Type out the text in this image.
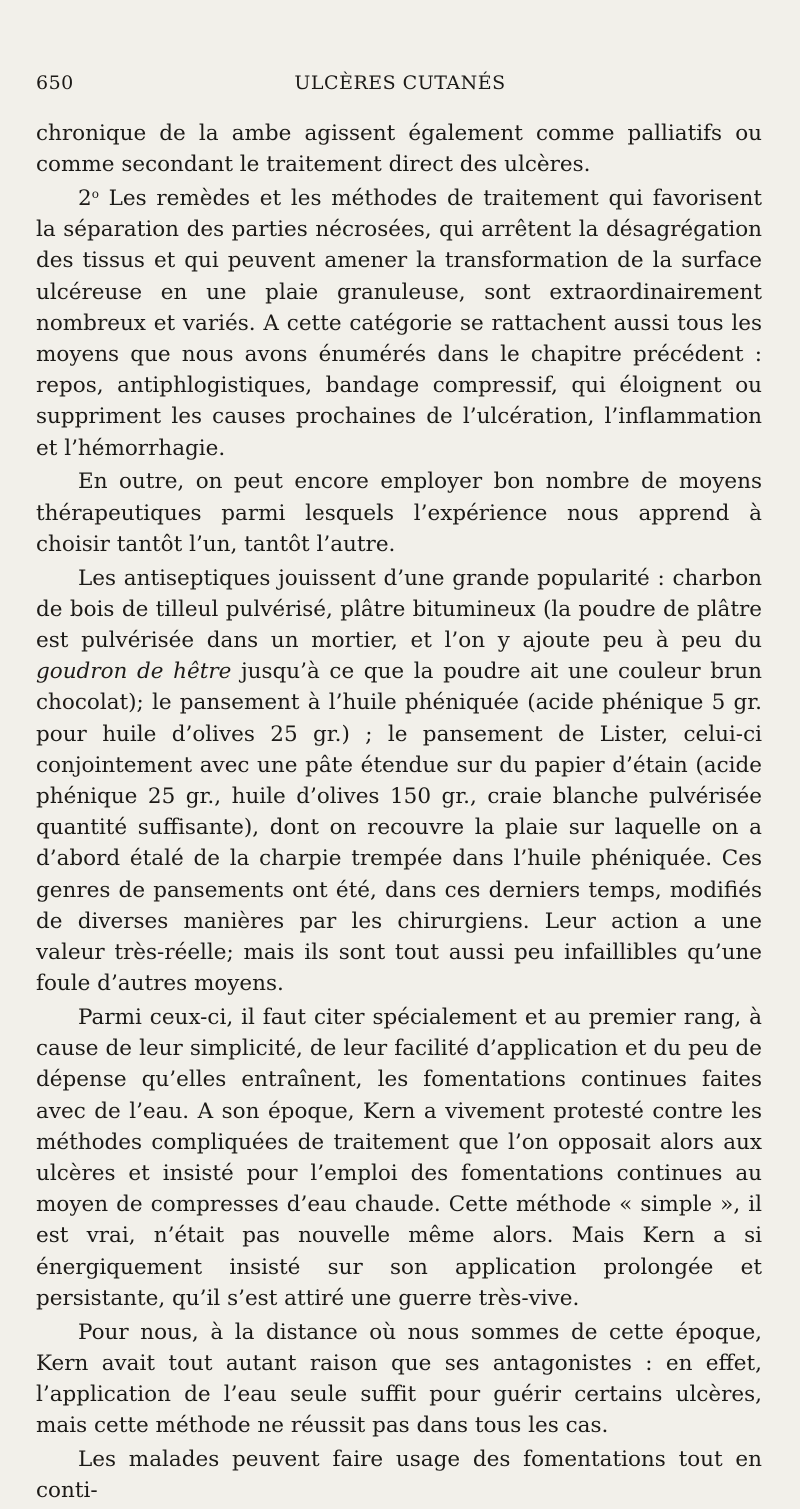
650	ULCÈRES CUTANÉS

chronique de la ambe agissent également comme palliatifs ou comme secondant le traitement direct des ulcères.

2$^o$ Les remèdes et les méthodes de traitement qui favorisent la séparation des parties nécrosées, qui arrêtent la désagrégation des tissus et qui peuvent amener la transformation de la surface ulcéreuse en une plaie granuleuse, sont extraordinairement nombreux et variés. A cette catégorie se rattachent aussi tous les moyens que nous avons énumérés dans le chapitre précédent : repos, antiphlogistiques, bandage compressif, qui éloignent ou suppriment les causes prochaines de l’ulcération, l’inflammation et l’hémorrhagie.

En outre, on peut encore employer bon nombre de moyens thérapeutiques parmi lesquels l’expérience nous apprend à choisir tantôt l’un, tantôt l’autre.

Les antiseptiques jouissent d’une grande popularité : charbon de bois de tilleul pulvérisé, plâtre bitumineux (la poudre de plâtre est pulvérisée dans un mortier, et l’on y ajoute peu à peu du goudron de hêtre jusqu’à ce que la poudre ait une couleur brun chocolat); le pansement à l’huile phéniquée (acide phénique 5 gr. pour huile d’olives 25 gr.) ; le pansement de Lister, celui-ci conjointement avec une pâte étendue sur du papier d’étain (acide phénique 25 gr., huile d’olives 150 gr., craie blanche pulvérisée quantité suffisante), dont on recouvre la plaie sur laquelle on a d’abord étalé de la charpie trempée dans l’huile phéniquée. Ces genres de pansements ont été, dans ces derniers temps, modifiés de diverses manières par les chirurgiens. Leur action a une valeur très-réelle; mais ils sont tout aussi peu infaillibles qu’une foule d’autres moyens.

Parmi ceux-ci, il faut citer spécialement et au premier rang, à cause de leur simplicité, de leur facilité d’application et du peu de dépense qu’elles entraînent, les fomentations continues faites avec de l’eau. A son époque, Kern a vivement protesté contre les méthodes compliquées de traitement que l’on opposait alors aux ulcères et insisté pour l’emploi des fomentations continues au moyen de compresses d’eau chaude. Cette méthode « simple », il est vrai, n’était pas nouvelle même alors. Mais Kern a si énergiquement insisté sur son application prolongée et persistante, qu’il s’est attiré une guerre très-vive.

Pour nous, à la distance où nous sommes de cette époque, Kern avait tout autant raison que ses antagonistes : en effet, l’application de l’eau seule suffit pour guérir certains ulcères, mais cette méthode ne réussit pas dans tous les cas.

Les malades peuvent faire usage des fomentations tout en conti-
